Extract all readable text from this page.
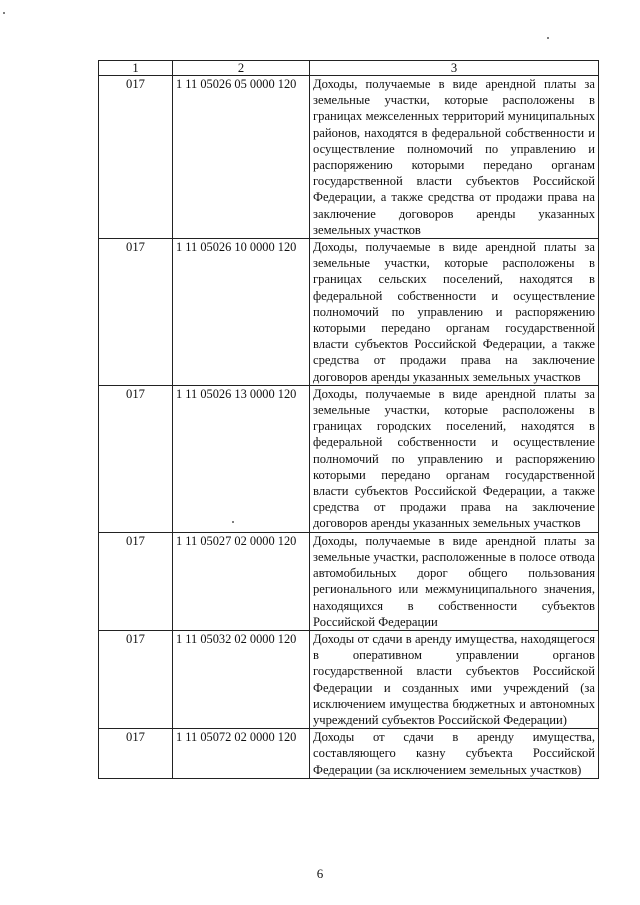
1	2	3
017	1 11 05026 05 0000 120	Доходы, получаемые в виде арендной платы за земельные участки, которые расположены в границах межселенных территорий муниципальных районов, находятся в федеральной собственности и осуществление полномочий по управлению и распоряжению которыми передано органам государственной власти субъектов Российской Федерации, а также средства от продажи права на заключение договоров аренды указанных земельных участков
017	1 11 05026 10 0000 120	Доходы, получаемые в виде арендной платы за земельные участки, которые расположены в границах сельских поселений, находятся в федеральной собственности и осуществление полномочий по управлению и распоряжению которыми передано органам государственной власти субъектов Российской Федерации, а также средства от продажи права на заключение договоров аренды указанных земельных участков
017	1 11 05026 13 0000 120	Доходы, получаемые в виде арендной платы за земельные участки, которые расположены в границах городских поселений, находятся в федеральной собственности и осуществление полномочий по управлению и распоряжению которыми передано органам государственной власти субъектов Российской Федерации, а также средства от продажи права на заключение договоров аренды указанных земельных участков
017	1 11 05027 02 0000 120	Доходы, получаемые в виде арендной платы за земельные участки, расположенные в полосе отвода автомобильных дорог общего пользования регионального или межмуниципального значения, находящихся в собственности субъектов Российской Федерации
017	1 11 05032 02 0000 120	Доходы от сдачи в аренду имущества, находящегося в оперативном управлении органов государственной власти субъектов Российской Федерации и созданных ими учреждений (за исключением имущества бюджетных и автономных учреждений субъектов Российской Федерации)
017	1 11 05072 02 0000 120	Доходы от сдачи в аренду имущества, составляющего казну субъекта Российской Федерации (за исключением земельных участков)
6
